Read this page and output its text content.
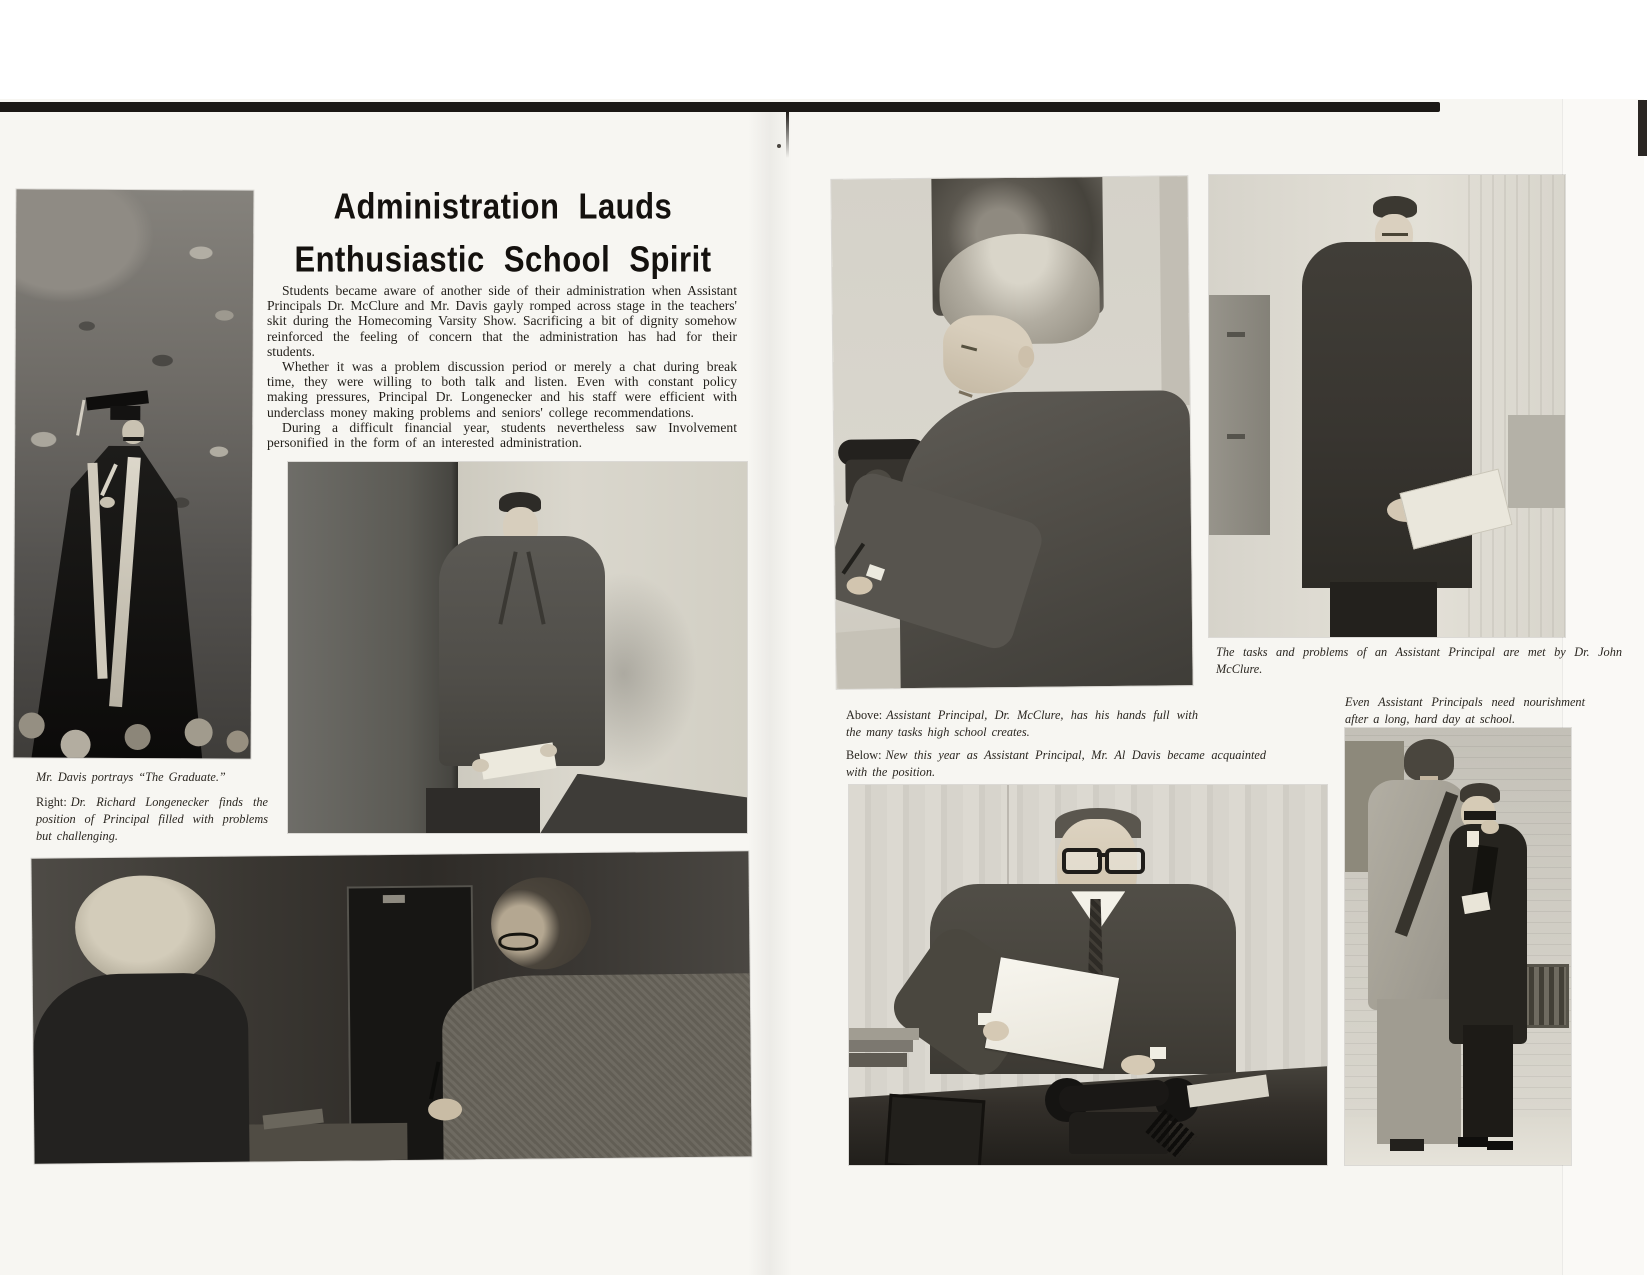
Administration Lauds
Enthusiastic School Spirit

Students became aware of another side of their administration when Assistant Principals Dr. McClure and Mr. Davis gayly romped across stage in the teachers' skit during the Homecoming Varsity Show. Sacrificing a bit of dignity somehow reinforced the feeling of concern that the administration has had for their students.

Whether it was a problem discussion period or merely a chat during break time, they were willing to both talk and listen. Even with constant policy making pressures, Principal Dr. Longenecker and his staff were efficient with underclass money making problems and seniors' college recommendations.

During a difficult financial year, students nevertheless saw Involvement personified in the form of an interested administration.

Mr. Davis portrays “The Graduate.”
Right: Dr. Richard Longenecker finds the position of Principal filled with problems but challenging.
The tasks and problems of an Assistant Principal are met by Dr. John McClure.
Above: Assistant Principal, Dr. McClure, has his hands full with the many tasks high school creates.
Even Assistant Principals need nourishment after a long, hard day at school.
Below: New this year as Assistant Principal, Mr. Al Davis became acquainted with the position.
